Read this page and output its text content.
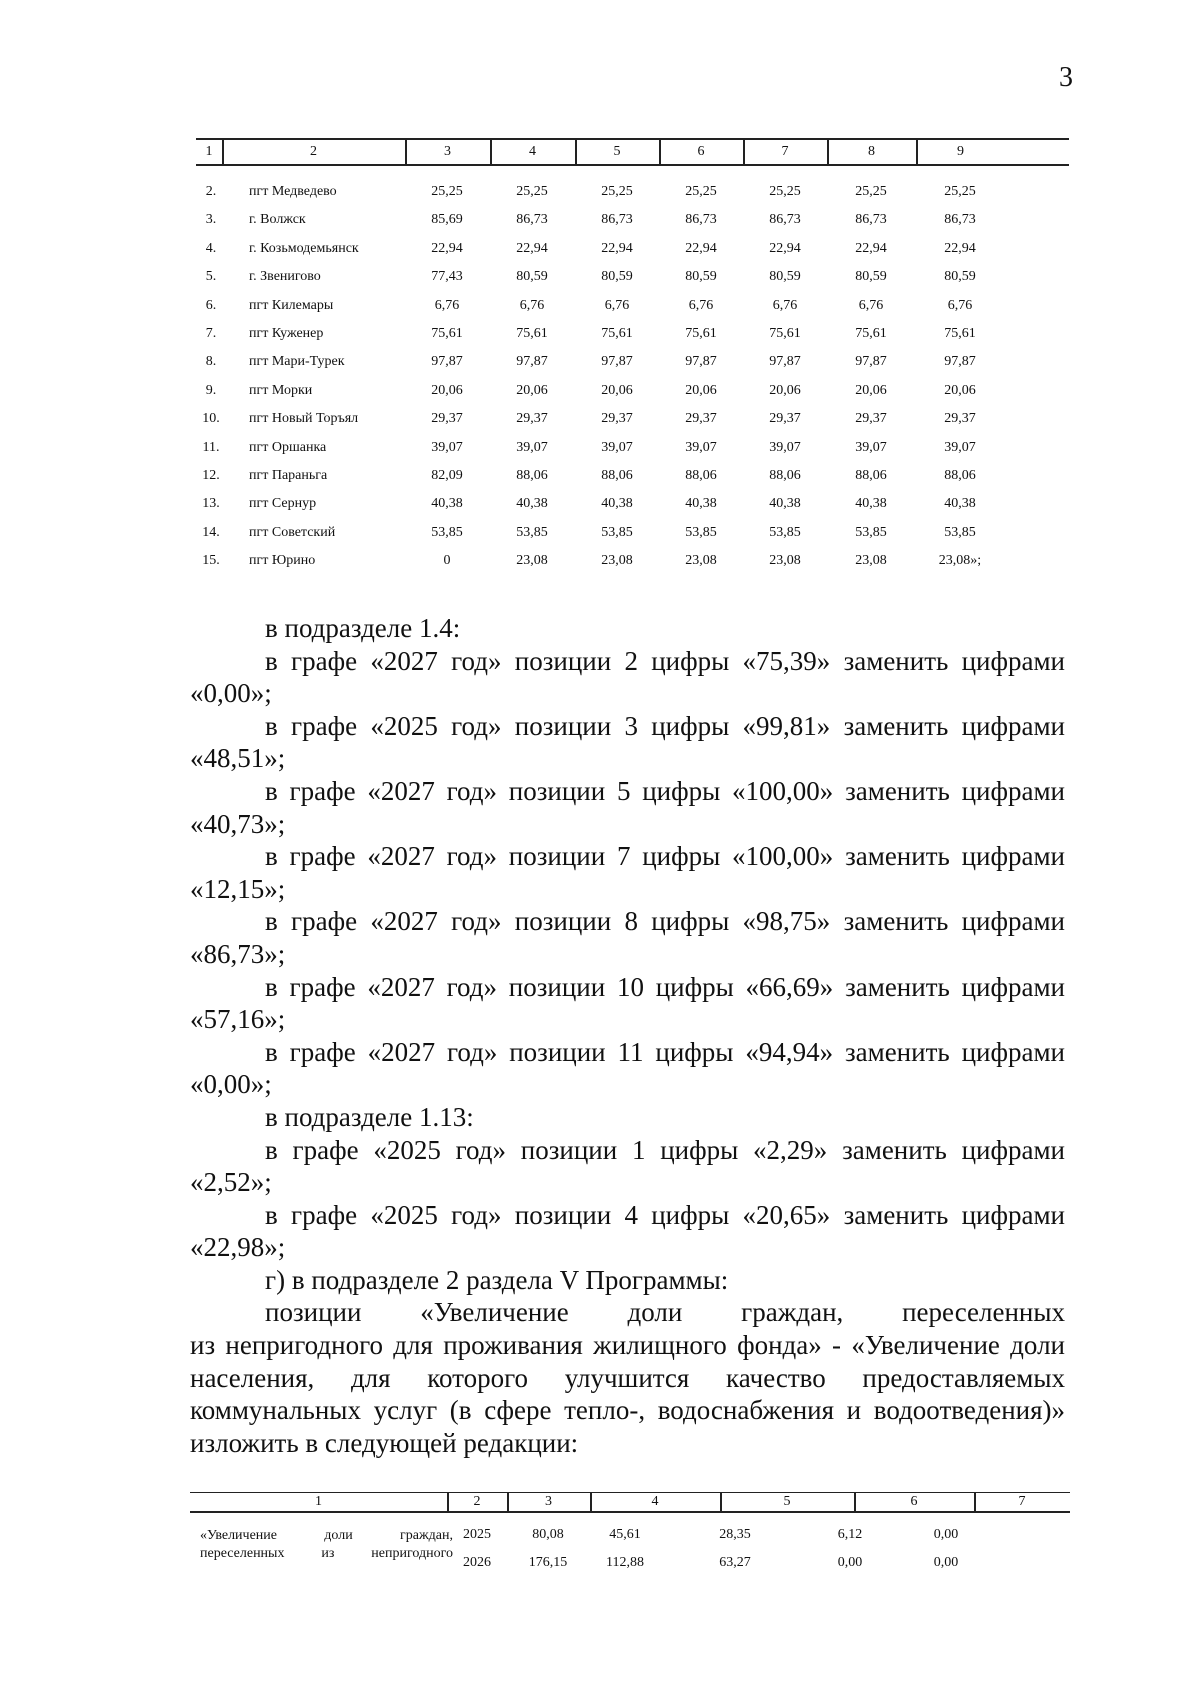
3
1	2	3	4	5	6	7	8	9
2.	пгт Медведево	25,25	25,25	25,25	25,25	25,25	25,25	25,25
3.	г. Волжск	85,69	86,73	86,73	86,73	86,73	86,73	86,73
4.	г. Козьмодемьянск	22,94	22,94	22,94	22,94	22,94	22,94	22,94
5.	г. Звенигово	77,43	80,59	80,59	80,59	80,59	80,59	80,59
6.	пгт Килемары	6,76	6,76	6,76	6,76	6,76	6,76	6,76
7.	пгт Куженер	75,61	75,61	75,61	75,61	75,61	75,61	75,61
8.	пгт Мари-Турек	97,87	97,87	97,87	97,87	97,87	97,87	97,87
9.	пгт Морки	20,06	20,06	20,06	20,06	20,06	20,06	20,06
10.	пгт Новый Торъял	29,37	29,37	29,37	29,37	29,37	29,37	29,37
11.	пгт Оршанка	39,07	39,07	39,07	39,07	39,07	39,07	39,07
12.	пгт Параньга	82,09	88,06	88,06	88,06	88,06	88,06	88,06
13.	пгт Сернур	40,38	40,38	40,38	40,38	40,38	40,38	40,38
14.	пгт Советский	53,85	53,85	53,85	53,85	53,85	53,85	53,85
15.	пгт Юрино	0	23,08	23,08	23,08	23,08	23,08	23,08»;

в подразделе 1.4:

в графе «2027 год» позиции 2 цифры «75,39» заменить цифрами «0,00»;

в графе «2025 год» позиции 3 цифры «99,81» заменить цифрами «48,51»;

в графе «2027 год» позиции 5 цифры «100,00» заменить цифрами «40,73»;

в графе «2027 год» позиции 7 цифры «100,00» заменить цифрами «12,15»;

в графе «2027 год» позиции 8 цифры «98,75» заменить цифрами «86,73»;

в графе «2027 год» позиции 10 цифры «66,69» заменить цифрами «57,16»;

в графе «2027 год» позиции 11 цифры «94,94» заменить цифрами «0,00»;

в подразделе 1.13:

в графе «2025 год» позиции 1 цифры «2,29» заменить цифрами «2,52»;

в графе «2025 год» позиции 4 цифры «20,65» заменить цифрами «22,98»;

г) в подразделе 2 раздела V Программы:

позиции «Увеличение доли граждан, переселенных

из непригодного для проживания жилищного фонда» - «Увеличение доли населения, для которого улучшится качество предоставляемых коммунальных услуг (в сфере тепло-, водоснабжения и водоотведения)» изложить в следующей редакции:

1	2	3	4	5	6	7
«Увеличение доли граждан, переселенных из непригодного
2025	80,08	45,61	28,35	6,12	0,00
2026	176,15	112,88	63,27	0,00	0,00
